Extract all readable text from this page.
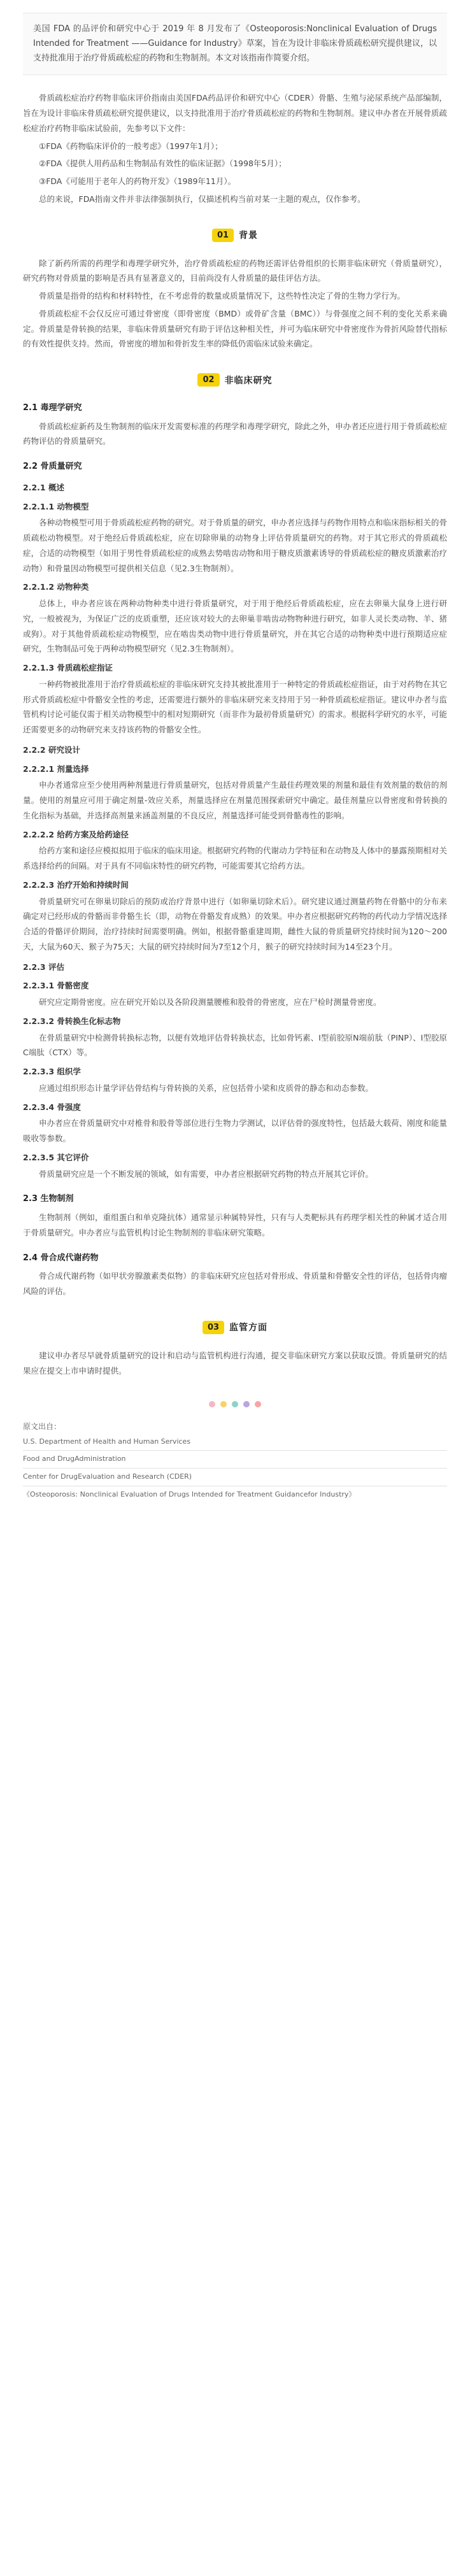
美国 FDA 的品评价和研究中心于 2019 年 8 月发布了《Osteoporosis:Nonclinical Evaluation of Drugs Intended for Treatment ——Guidance for Industry》草案，旨在为设计非临床骨质疏松研究提供建议，以支持批准用于治疗骨质疏松症的药物和生物制剂。本文对该指南作简要介绍。

骨质疏松症治疗药物非临床评价指南由美国FDA药品评价和研究中心（CDER）骨骼、生殖与泌尿系统产品部编制，旨在为设计非临床骨质疏松研究提供建议，以支持批准用于治疗骨质疏松症的药物和生物制剂。建议申办者在开展骨质疏松症治疗药物非临床试验前，先参考以下文件：

①FDA《药物临床评价的一般考虑》（1997年1月）；

②FDA《提供人用药品和生物制品有效性的临床证据》（1998年5月）；

③FDA《可能用于老年人的药物开发》（1989年11月）。

总的来说，FDA指南文件并非法律强制执行，仅描述机构当前对某一主题的观点，仅作参考。

01	背景

除了新药所需的药理学和毒理学研究外，治疗骨质疏松症的药物还需评估骨组织的长期非临床研究（骨质量研究），研究药物对骨质量的影响是否具有显著意义的，目前尚没有人骨质量的最佳评估方法。

骨质量是指骨的结构和材料特性，在不考虑骨的数量或质量情况下，这些特性决定了骨的生物力学行为。

骨质疏松症不会仅反应可通过骨密度（即骨密度（BMD）或骨矿含量（BMC））与骨强度之间不利的变化关系来确定。骨质量是骨转换的结果，非临床骨质量研究有助于评估这种相关性，并可为临床研究中骨密度作为骨折风险替代指标的有效性提供支持。然而，骨密度的增加和骨折发生率的降低仍需临床试验来确定。

02	非临床研究
2.1 毒理学研究

骨质疏松症新药及生物制剂的临床开发需要标准的药理学和毒理学研究，除此之外，申办者还应进行用于骨质疏松症药物评估的骨质量研究。

2.2 骨质量研究
2.2.1 概述
2.2.1.1 动物模型

各种动物模型可用于骨质疏松症药物的研究。对于骨质量的研究，申办者应选择与药物作用特点和临床指标相关的骨质疏松动物模型。对于绝经后骨质疏松症，应在切除卵巢的动物身上评估骨质量研究的药物。对于其它形式的骨质疏松症，合适的动物模型（如用于男性骨质疏松症的成熟去势啮齿动物和用于糖皮质激素诱导的骨质疏松症的糖皮质激素治疗动物）和骨量因动物模型可提供相关信息（见2.3生物制剂）。

2.2.1.2 动物种类

总体上，申办者应该在两种动物种类中进行骨质量研究，对于用于绝经后骨质疏松症，应在去卵巢大鼠身上进行研究，一般被视为，为保证广泛的皮质重塑，还应该对较大的去卵巢非啮齿动物物种进行研究，如非人灵长类动物、羊、猪或狗）。对于其他骨质疏松症动物模型，应在啮齿类动物中进行骨质量研究，并在其它合适的动物种类中进行预期适应症研究，生物制品可免于两种动物模型研究（见2.3生物制剂）。

2.2.1.3 骨质疏松症指证

一种药物被批准用于治疗骨质疏松症的非临床研究支持其被批准用于一种特定的骨质疏松症指证，由于对药物在其它形式骨质疏松症中骨骼安全性的考虑，还需要进行额外的非临床研究来支持用于另一种骨质疏松症指证。建议申办者与监管机构讨论可能仅需于相关动物模型中的相对短期研究（而非作为最初骨质量研究）的需求。根据科学研究的水平，可能还需要更多的动物研究来支持该药物的骨骼安全性。

2.2.2 研究设计
2.2.2.1 剂量选择

申办者通常应至少使用两种剂量进行骨质量研究，包括对骨质量产生最佳药理效果的剂量和最佳有效剂量的数倍的剂量。使用的剂量应可用于确定剂量-效应关系，剂量选择应在剂量范围探索研究中确定。最佳剂量应以骨密度和骨转换的生化指标为基础，并选择高剂量来涵盖剂量的不良反应，剂量选择可能受到骨骼毒性的影响。

2.2.2.2 给药方案及给药途径

给药方案和途径应模拟拟用于临床的临床用途。根据研究药物的代谢动力学特征和在动物及人体中的暴露预期相对关系选择给药的间隔。对于具有不同临床特性的研究药物，可能需要其它给药方法。

2.2.2.3 治疗开始和持续时间

骨质量研究可在卵巢切除后的预防或治疗背景中进行（如卵巢切除术后）。研究建议通过测量药物在骨骼中的分布来确定对已经形成的骨骼而非骨骼生长（即，动物在骨骼发育成熟）的效果。申办者应根据研究药物的药代动力学情况选择合适的骨骼评价期间，治疗持续时间需要明确。例如，根据骨骼重建周期，雌性大鼠的骨质量研究持续时间为120～200天，大鼠为60天、猴子为75天；大鼠的研究持续时间为7至12个月，猴子的研究持续时间为14至23个月。

2.2.3 评估
2.2.3.1 骨骼密度

研究应定期骨密度。应在研究开始以及各阶段测量腰椎和股骨的骨密度，应在尸检时测量骨密度。

2.2.3.2 骨转换生化标志物

在骨质量研究中检测骨转换标志物，以便有效地评估骨转换状态，比如骨钙素、I型前胶原N端前肽（PINP）、I型胶原C端肽（CTX）等。

2.2.3.3 组织学

应通过组织形态计量学评估骨结构与骨转换的关系，应包括骨小梁和皮质骨的静态和动态参数。

2.2.3.4 骨强度

申办者应在骨质量研究中对椎骨和股骨等部位进行生物力学测试，以评估骨的强度特性，包括最大载荷、刚度和能量吸收等参数。

2.2.3.5 其它评价

骨质量研究应是一个不断发展的领域，如有需要，申办者应根据研究药物的特点开展其它评价。

2.3 生物制剂

生物制剂（例如，重组蛋白和单克隆抗体）通常显示种属特异性，只有与人类靶标具有药理学相关性的种属才适合用于骨质量研究。申办者应与监管机构讨论生物制剂的非临床研究策略。

2.4 骨合成代谢药物

骨合成代谢药物（如甲状旁腺激素类似物）的非临床研究应包括对骨形成、骨质量和骨骼安全性的评估，包括骨肉瘤风险的评估。

03	监管方面

建议申办者尽早就骨质量研究的设计和启动与监管机构进行沟通，提交非临床研究方案以获取反馈。骨质量研究的结果应在提交上市申请时提供。

原文出自：
U.S. Department of Health and Human Services
Food and DrugAdministration
Center for DrugEvaluation and Research (CDER)
《Osteoporosis: Nonclinical Evaluation of Drugs Intended for Treatment Guidancefor Industry》
